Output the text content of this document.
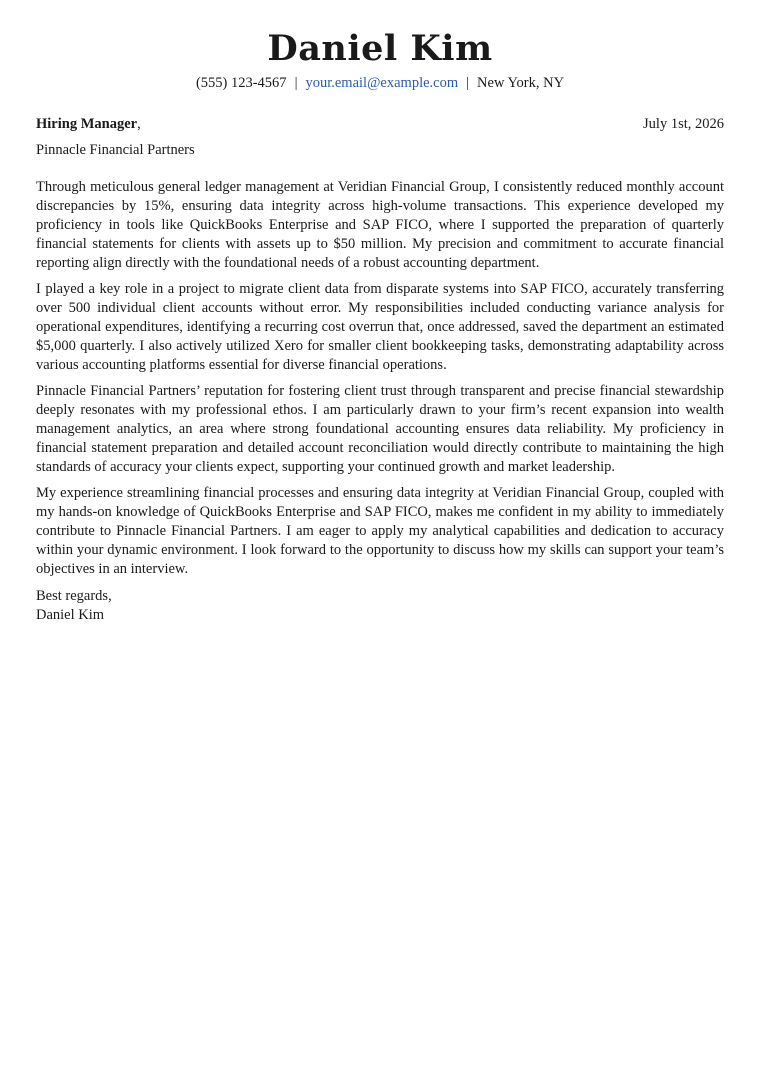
Daniel Kim
(555) 123-4567 | your.email@example.com | New York, NY
Hiring Manager,	July 1st, 2026
Pinnacle Financial Partners

Through meticulous general ledger management at Veridian Financial Group, I consistently reduced monthly account discrepancies by 15%, ensuring data integrity across high-volume transactions. This experience developed my proficiency in tools like QuickBooks Enterprise and SAP FICO, where I supported the preparation of quarterly financial statements for clients with assets up to $50 million. My precision and commitment to accurate financial reporting align directly with the foundational needs of a robust accounting department.

I played a key role in a project to migrate client data from disparate systems into SAP FICO, accurately transferring over 500 individual client accounts without error. My responsibilities included conducting variance analysis for operational expenditures, identifying a recurring cost overrun that, once addressed, saved the department an estimated $5,000 quarterly. I also actively utilized Xero for smaller client bookkeeping tasks, demonstrating adaptability across various accounting platforms essential for diverse financial operations.

Pinnacle Financial Partners’ reputation for fostering client trust through transparent and precise financial stewardship deeply resonates with my professional ethos. I am particularly drawn to your firm’s recent expansion into wealth management analytics, an area where strong foundational accounting ensures data reliability. My proficiency in financial statement preparation and detailed account reconciliation would directly contribute to maintaining the high standards of accuracy your clients expect, supporting your continued growth and market leadership.

My experience streamlining financial processes and ensuring data integrity at Veridian Financial Group, coupled with my hands-on knowledge of QuickBooks Enterprise and SAP FICO, makes me confident in my ability to immediately contribute to Pinnacle Financial Partners. I am eager to apply my analytical capabilities and dedication to accuracy within your dynamic environment. I look forward to the opportunity to discuss how my skills can support your team’s objectives in an interview.

Best regards,
Daniel Kim
